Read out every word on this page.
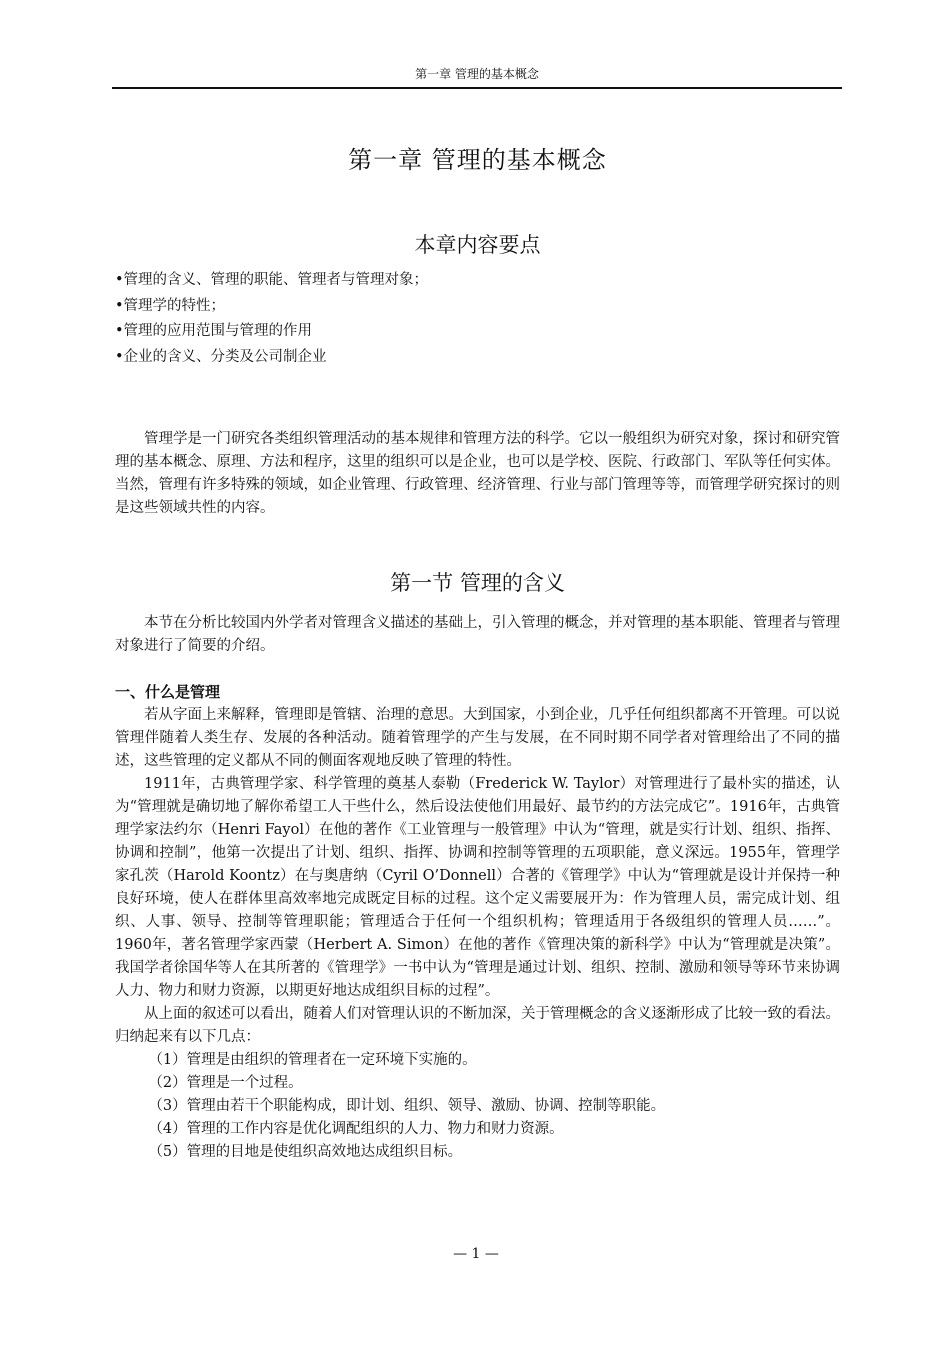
第一章 管理的基本概念
第一章 管理的基本概念
本章内容要点
•管理的含义、管理的职能、管理者与管理对象；
•管理学的特性；
•管理的应用范围与管理的作用
•企业的含义、分类及公司制企业

管理学是一门研究各类组织管理活动的基本规律和管理方法的科学。它以一般组织为研究对象，探讨和研究管理的基本概念、原理、方法和程序，这里的组织可以是企业，也可以是学校、医院、行政部门、军队等任何实体。当然，管理有许多特殊的领域，如企业管理、行政管理、经济管理、行业与部门管理等等，而管理学研究探讨的则是这些领域共性的内容。

第一节 管理的含义

本节在分析比较国内外学者对管理含义描述的基础上，引入管理的概念，并对管理的基本职能、管理者与管理对象进行了简要的介绍。

一、什么是管理

若从字面上来解释，管理即是管辖、治理的意思。大到国家，小到企业，几乎任何组织都离不开管理。可以说管理伴随着人类生存、发展的各种活动。随着管理学的产生与发展，在不同时期不同学者对管理给出了不同的描述，这些管理的定义都从不同的侧面客观地反映了管理的特性。

1911年，古典管理学家、科学管理的奠基人泰勒（Frederick W. Taylor）对管理进行了最朴实的描述，认为“管理就是确切地了解你希望工人干些什么，然后设法使他们用最好、最节约的方法完成它”。1916年，古典管理学家法约尔（Henri Fayol）在他的著作《工业管理与一般管理》中认为“管理，就是实行计划、组织、指挥、协调和控制”，他第一次提出了计划、组织、指挥、协调和控制等管理的五项职能，意义深远。1955年，管理学家孔茨（Harold Koontz）在与奥唐纳（Cyril O’Donnell）合著的《管理学》中认为“管理就是设计并保持一种良好环境，使人在群体里高效率地完成既定目标的过程。这个定义需要展开为：作为管理人员，需完成计划、组织、人事、领导、控制等管理职能；管理适合于任何一个组织机构；管理适用于各级组织的管理人员……”。1960年，著名管理学家西蒙（Herbert A. Simon）在他的著作《管理决策的新科学》中认为“管理就是决策”。我国学者徐国华等人在其所著的《管理学》一书中认为“管理是通过计划、组织、控制、激励和领导等环节来协调人力、物力和财力资源，以期更好地达成组织目标的过程”。

从上面的叙述可以看出，随着人们对管理认识的不断加深，关于管理概念的含义逐渐形成了比较一致的看法。归纳起来有以下几点：

（1）管理是由组织的管理者在一定环境下实施的。

（2）管理是一个过程。

（3）管理由若干个职能构成，即计划、组织、领导、激励、协调、控制等职能。

（4）管理的工作内容是优化调配组织的人力、物力和财力资源。

（5）管理的目地是使组织高效地达成组织目标。

— 1 —
